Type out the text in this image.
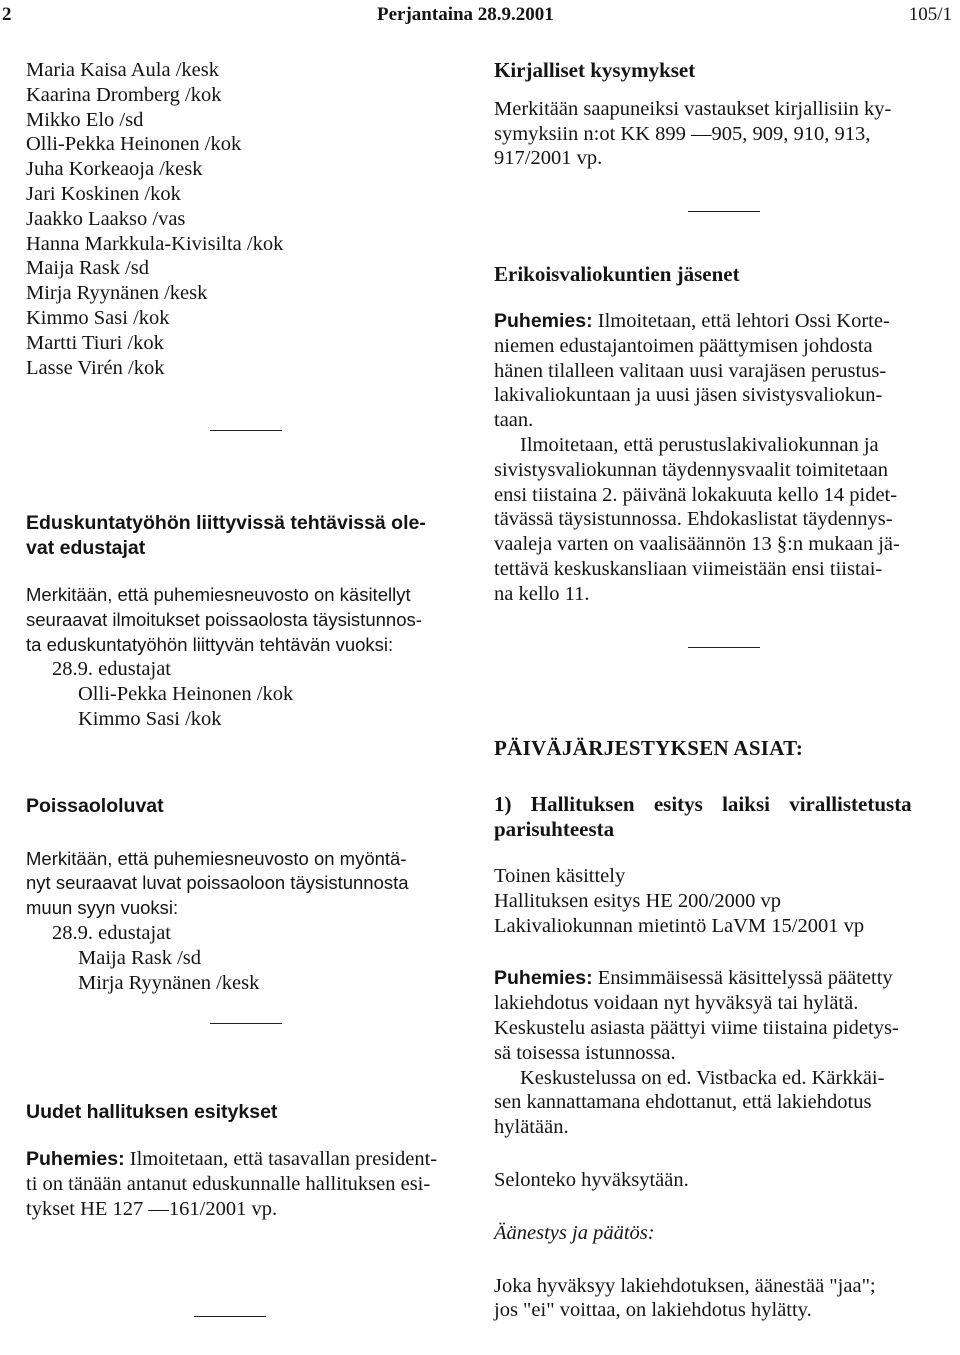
2	Perjantaina 28.9.2001	105/1
Maria Kaisa Aula /kesk
Kaarina Dromberg /kok
Mikko Elo /sd
Olli-Pekka Heinonen /kok
Juha Korkeaoja /kesk
Jari Koskinen /kok
Jaakko Laakso /vas
Hanna Markkula-Kivisilta /kok
Maija Rask /sd
Mirja Ryynänen /kesk
Kimmo Sasi /kok
Martti Tiuri /kok
Lasse Virén /kok
Eduskuntatyöhön liittyvissä tehtävissä ole-
vat edustajat
Merkitään, että puhemiesneuvosto on käsitellyt
seuraavat ilmoitukset poissaolosta täysistunnos-
ta eduskuntatyöhön liittyvän tehtävän vuoksi:
28.9. edustajat
Olli-Pekka Heinonen /kok
Kimmo Sasi /kok
Poissaololuvat
Merkitään, että puhemiesneuvosto on myöntä-
nyt seuraavat luvat poissaoloon täysistunnosta
muun syyn vuoksi:
28.9. edustajat
Maija Rask /sd
Mirja Ryynänen /kesk
Uudet hallituksen esitykset
Puhemies: Ilmoitetaan, että tasavallan president-
ti on tänään antanut eduskunnalle hallituksen esi-
tykset HE 127 —161/2001 vp.
Kirjalliset kysymykset
Merkitään saapuneiksi vastaukset kirjallisiin ky-
symyksiin n:ot KK 899 —905, 909, 910, 913,
917/2001 vp.
Erikoisvaliokuntien jäsenet
Puhemies: Ilmoitetaan, että lehtori Ossi Korte-
niemen edustajantoimen päättymisen johdosta
hänen tilalleen valitaan uusi varajäsen perustus-
lakivaliokuntaan ja uusi jäsen sivistysvaliokun-
taan.
Ilmoitetaan, että perustuslakivaliokunnan ja
sivistysvaliokunnan täydennysvaalit toimitetaan
ensi tiistaina 2. päivänä lokakuuta kello 14 pidet-
tävässä täysistunnossa. Ehdokaslistat täydennys-
vaaleja varten on vaalisäännön 13 §:n mukaan jä-
tettävä keskuskansliaan viimeistään ensi tiistai-
na kello 11.
PÄIVÄJÄRJESTYKSEN ASIAT:
1) Hallituksen esitys laiksi virallistetusta
parisuhteesta
Toinen käsittely
Hallituksen esitys HE 200/2000 vp
Lakivaliokunnan mietintö LaVM 15/2001 vp
Puhemies: Ensimmäisessä käsittelyssä päätetty
lakiehdotus voidaan nyt hyväksyä tai hylätä.
Keskustelu asiasta päättyi viime tiistaina pidetys-
sä toisessa istunnossa.
Keskustelussa on ed. Vistbacka ed. Kärkkäi-
sen kannattamana ehdottanut, että lakiehdotus
hylätään.
Selonteko hyväksytään.
Äänestys ja päätös:
Joka hyväksyy lakiehdotuksen, äänestää "jaa";
jos "ei" voittaa, on lakiehdotus hylätty.
